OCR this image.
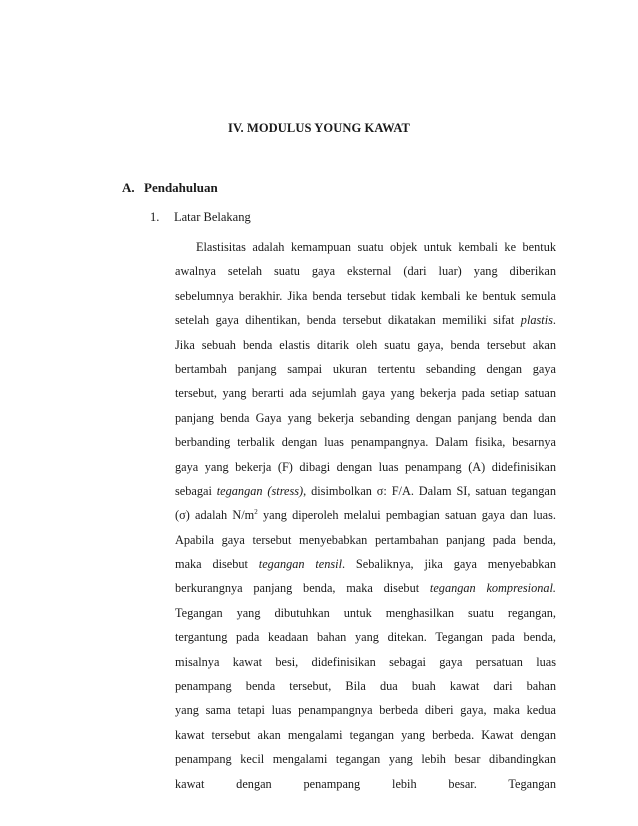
IV. MODULUS YOUNG KAWAT
A. Pendahuluan
1. Latar Belakang
Elastisitas adalah kemampuan suatu objek untuk kembali ke bentuk
awalnya setelah suatu gaya eksternal (dari luar) yang diberikan
sebelumnya berakhir. Jika benda tersebut tidak kembali ke bentuk semula
setelah gaya dihentikan, benda tersebut dikatakan memiliki sifat plastis.
Jika sebuah benda elastis ditarik oleh suatu gaya, benda tersebut akan
bertambah panjang sampai ukuran tertentu sebanding dengan gaya
tersebut, yang berarti ada sejumlah gaya yang bekerja pada setiap satuan
panjang benda Gaya yang bekerja sebanding dengan panjang benda dan
berbanding terbalik dengan luas penampangnya. Dalam fisika, besarnya
gaya yang bekerja (F) dibagi dengan luas penampang (A) didefinisikan
sebagai tegangan (stress), disimbolkan σ: F/A. Dalam SI, satuan tegangan
(σ) adalah $N/m^2$ yang diperoleh melalui pembagian satuan gaya dan luas.
Apabila gaya tersebut menyebabkan pertambahan panjang pada benda,
maka disebut tegangan tensil. Sebaliknya, jika gaya menyebabkan
berkurangnya panjang benda, maka disebut tegangan kompresional.
Tegangan yang dibutuhkan untuk menghasilkan suatu regangan,
tergantung pada keadaan bahan yang ditekan. Tegangan pada benda,
misalnya kawat besi, didefinisikan sebagai gaya persatuan luas
penampang benda tersebut, Bila dua buah kawat dari bahan
yang sama tetapi luas penampangnya berbeda diberi gaya, maka kedua
kawat tersebut akan mengalami tegangan yang berbeda. Kawat dengan
penampang kecil mengalami tegangan yang lebih besar dibandingkan
kawat dengan penampang lebih besar. Tegangan
